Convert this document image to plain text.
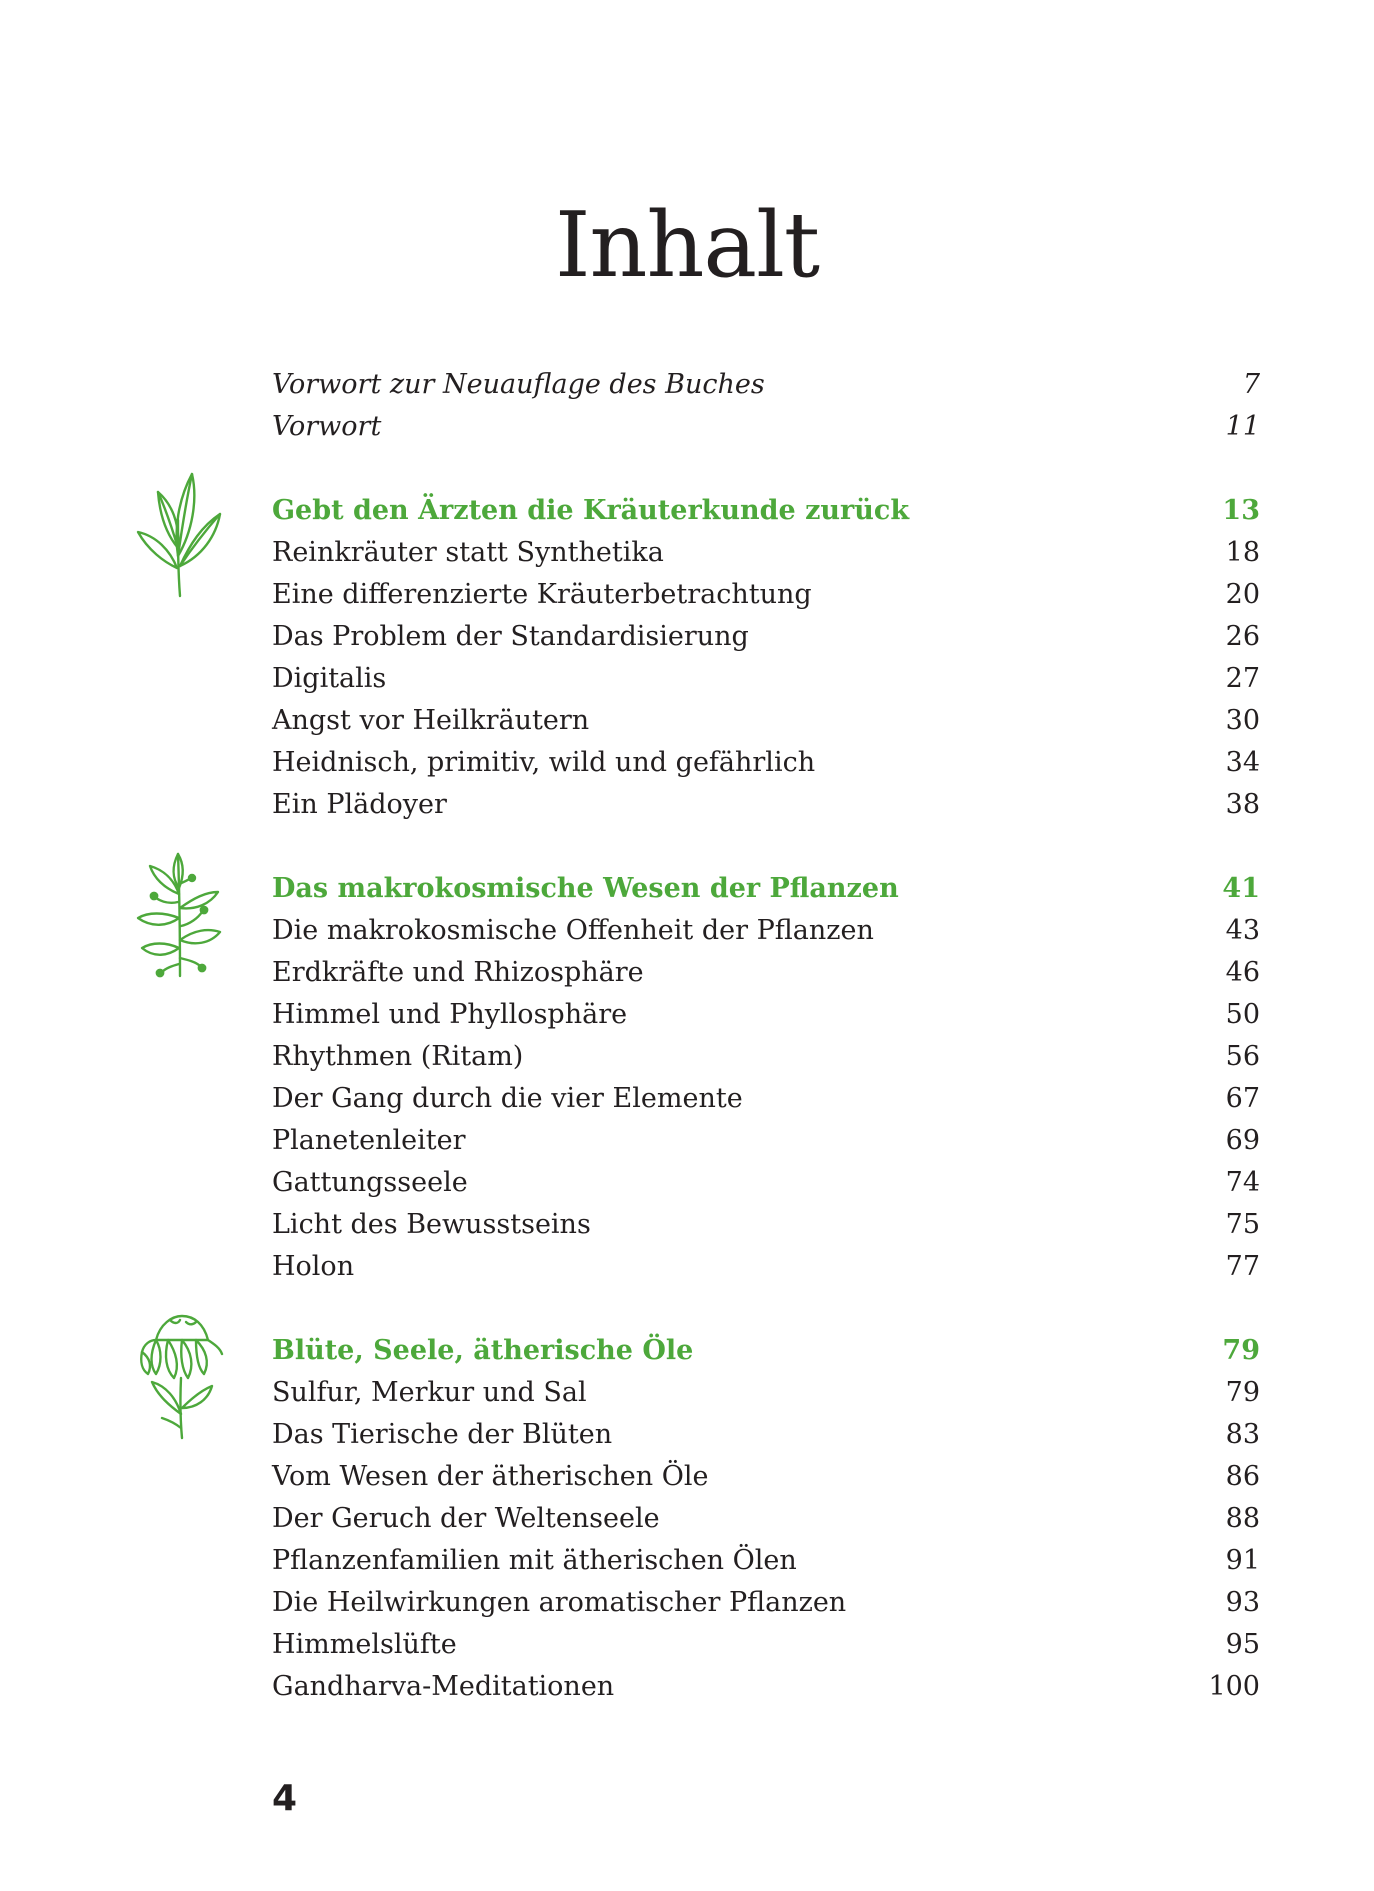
Inhalt
Vorwort zur Neuauflage des Buches	7
Vorwort	11
Gebt den Ärzten die Kräuterkunde zurück	13
Reinkräuter statt Synthetika	18
Eine differenzierte Kräuterbetrachtung	20
Das Problem der Standardisierung	26
Digitalis	27
Angst vor Heilkräutern	30
Heidnisch, primitiv, wild und gefährlich	34
Ein Plädoyer	38
Das makrokosmische Wesen der Pflanzen	41
Die makrokosmische Offenheit der Pflanzen	43
Erdkräfte und Rhizosphäre	46
Himmel und Phyllosphäre	50
Rhythmen (Ritam)	56
Der Gang durch die vier Elemente	67
Planetenleiter	69
Gattungsseele	74
Licht des Bewusstseins	75
Holon	77
Blüte, Seele, ätherische Öle	79
Sulfur, Merkur und Sal	79
Das Tierische der Blüten	83
Vom Wesen der ätherischen Öle	86
Der Geruch der Weltenseele	88
Pflanzenfamilien mit ätherischen Ölen	91
Die Heilwirkungen aromatischer Pflanzen	93
Himmelslüfte	95
Gandharva-Meditationen	100
4
